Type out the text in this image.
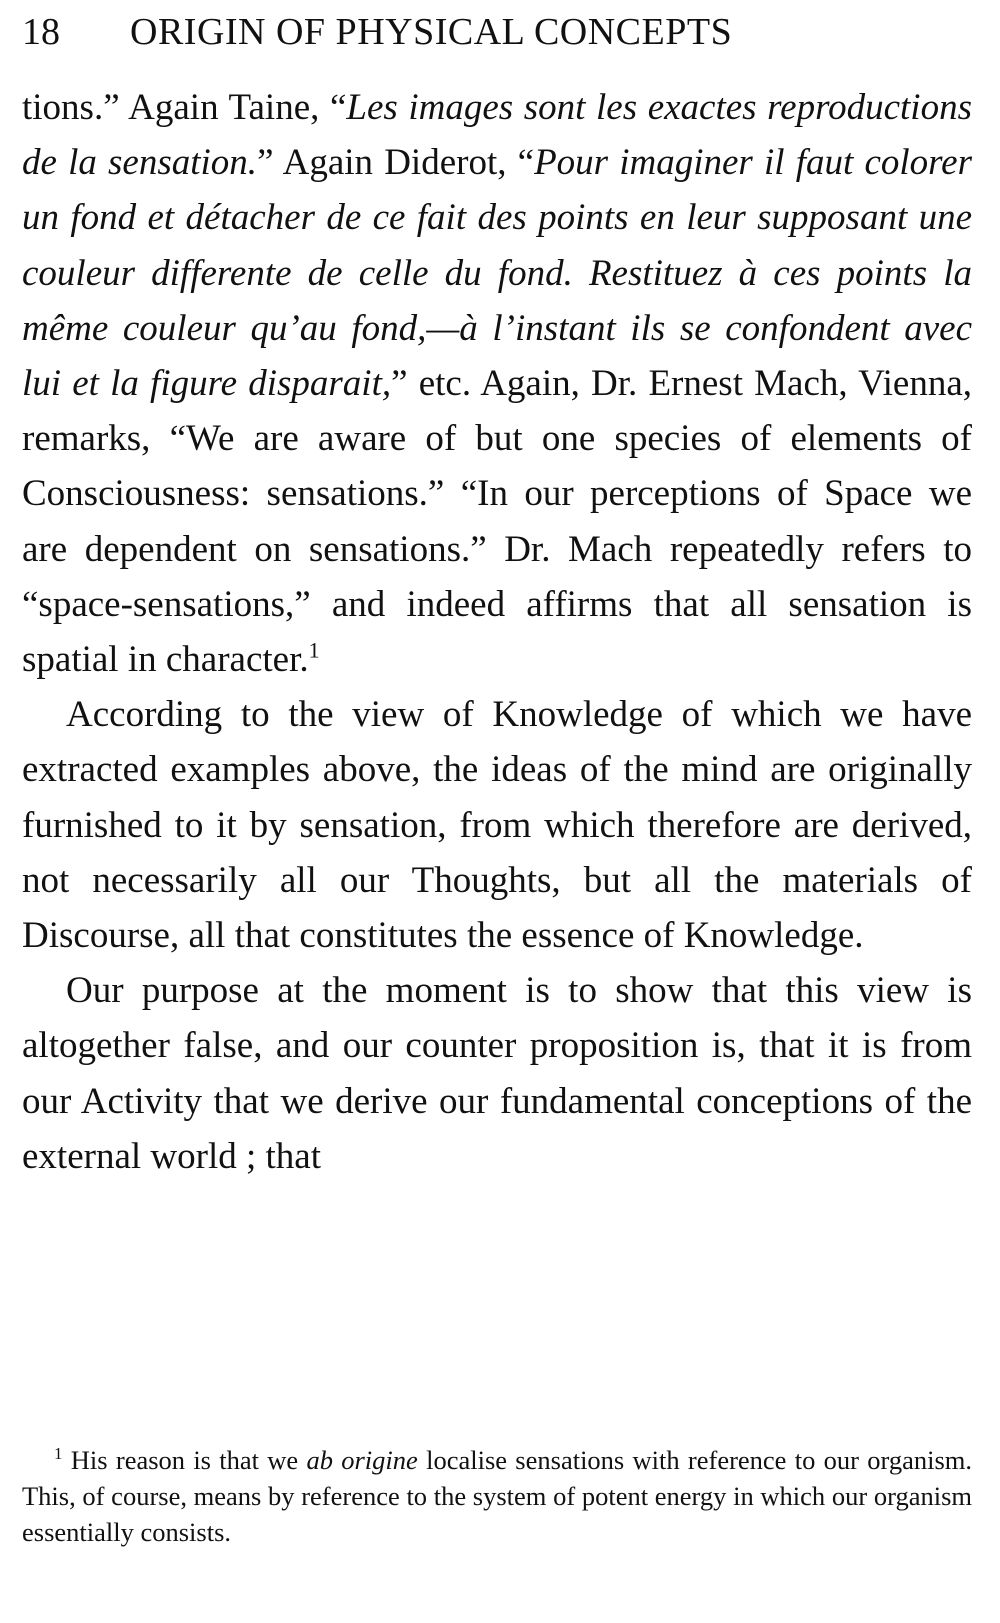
18 ORIGIN OF PHYSICAL CONCEPTS

tions.” Again Taine, “Les images sont les exactes reproductions de la sensation.” Again Diderot, “Pour imaginer il faut colorer un fond et détacher de ce fait des points en leur supposant une couleur differente de celle du fond. Restituez à ces points la même couleur qu’au fond,—à l’instant ils se confondent avec lui et la figure disparait,” etc. Again, Dr. Ernest Mach, Vienna, remarks, “We are aware of but one species of elements of Consciousness: sensations.” “In our perceptions of Space we are dependent on sensations.” Dr. Mach repeatedly refers to “space-sensations,” and indeed affirms that all sensation is spatial in character.$^1$

According to the view of Knowledge of which we have extracted examples above, the ideas of the mind are originally furnished to it by sensation, from which therefore are derived, not necessarily all our Thoughts, but all the materials of Discourse, all that constitutes the essence of Knowledge.

Our purpose at the moment is to show that this view is altogether false, and our counter proposition is, that it is from our Activity that we derive our fundamental conceptions of the external world ; that

$^1$ His reason is that we ab origine localise sensations with reference to our organism. This, of course, means by reference to the system of potent energy in which our organism essentially consists.
